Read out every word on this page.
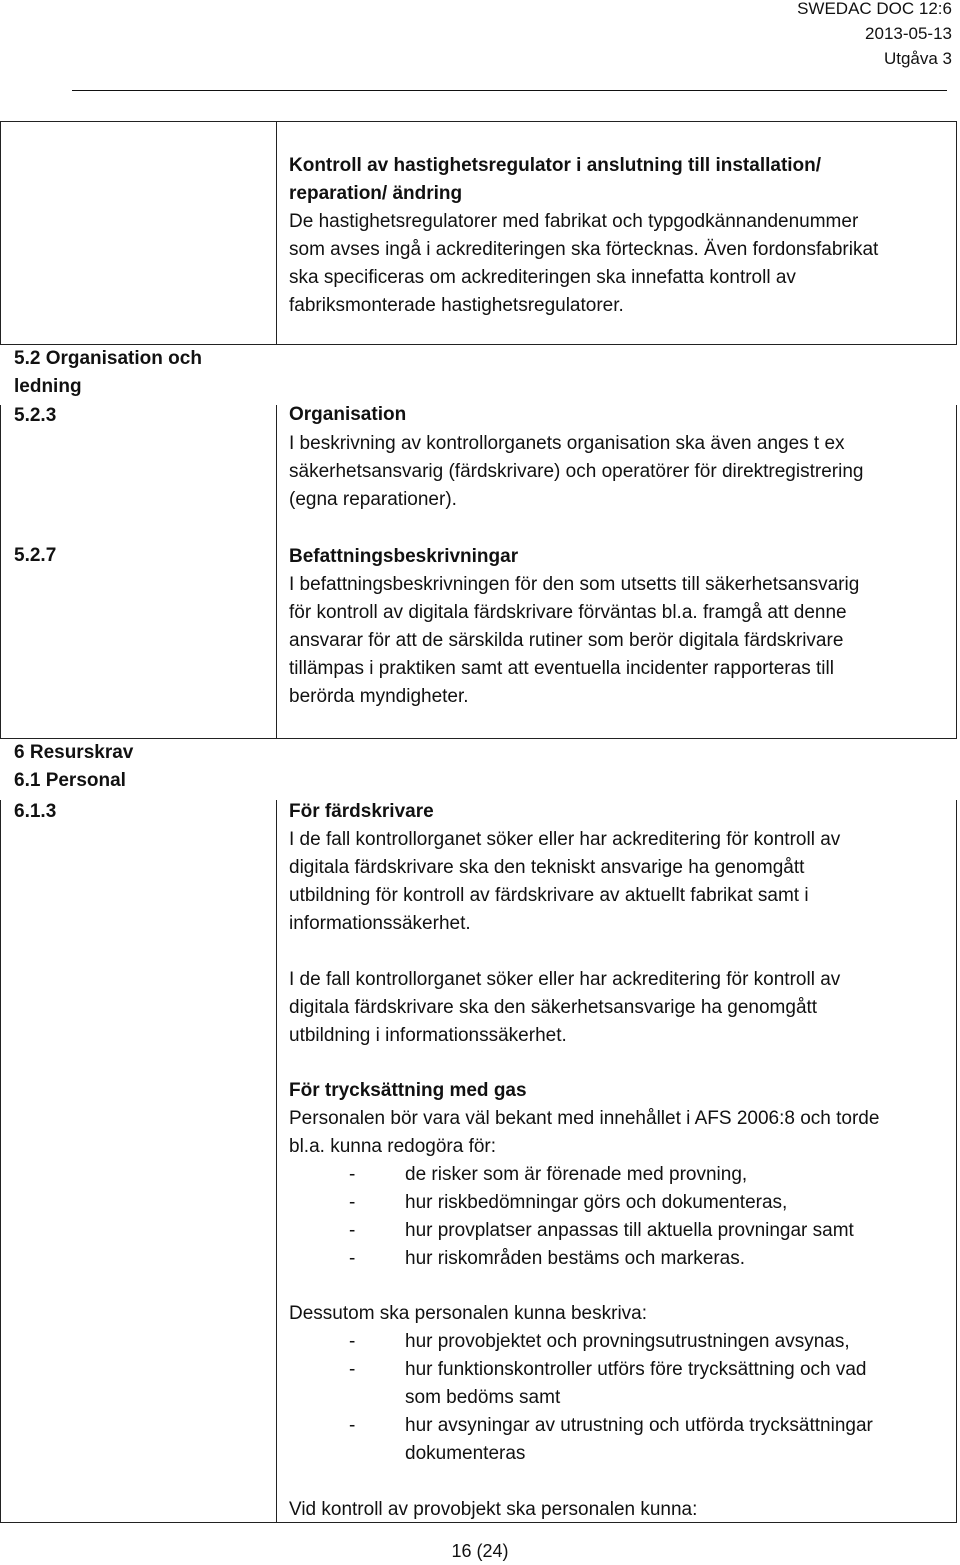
SWEDAC DOC 12:6
2013-05-13
Utgåva 3
Kontroll av hastighetsregulator i anslutning till installation/
reparation/ ändring
De hastighetsregulatorer med fabrikat och typgodkännandenummer
som avses ingå i ackrediteringen ska förtecknas. Även fordonsfabrikat
ska specificeras om ackrediteringen ska innefatta kontroll av
fabriksmonterade hastighetsregulatorer.
5.2 Organisation och
ledning
5.2.3	Organisation
I beskrivning av kontrollorganets organisation ska även anges t ex
säkerhetsansvarig (färdskrivare) och operatörer för direktregistrering
(egna reparationer).
5.2.7	Befattningsbeskrivningar
I befattningsbeskrivningen för den som utsetts till säkerhetsansvarig
för kontroll av digitala färdskrivare förväntas bl.a. framgå att denne
ansvarar för att de särskilda rutiner som berör digitala färdskrivare
tillämpas i praktiken samt att eventuella incidenter rapporteras till
berörda myndigheter.
6 Resurskrav
6.1 Personal
6.1.3	För färdskrivare
I de fall kontrollorganet söker eller har ackreditering för kontroll av
digitala färdskrivare ska den tekniskt ansvarige ha genomgått
utbildning för kontroll av färdskrivare av aktuellt fabrikat samt i
informationssäkerhet.
I de fall kontrollorganet söker eller har ackreditering för kontroll av
digitala färdskrivare ska den säkerhetsansvarige ha genomgått
utbildning i informationssäkerhet.
För trycksättning med gas
Personalen bör vara väl bekant med innehållet i AFS 2006:8 och torde
bl.a. kunna redogöra för:
-	de risker som är förenade med provning,
-	hur riskbedömningar görs och dokumenteras,
-	hur provplatser anpassas till aktuella provningar samt
-	hur riskområden bestäms och markeras.
Dessutom ska personalen kunna beskriva:
-	hur provobjektet och provningsutrustningen avsynas,
-	hur funktionskontroller utförs före trycksättning och vad
som bedöms samt
-	hur avsyningar av utrustning och utförda trycksättningar
dokumenteras
Vid kontroll av provobjekt ska personalen kunna:
16 (24)
